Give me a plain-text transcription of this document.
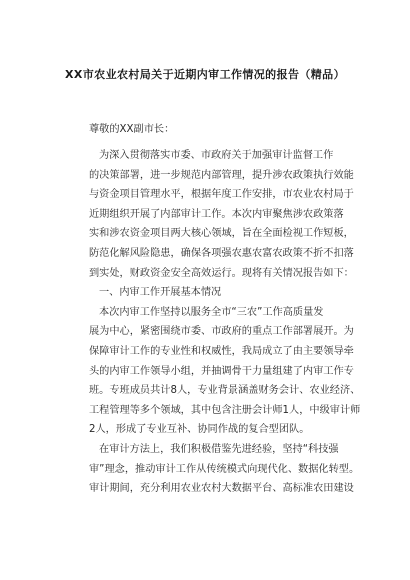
XX市农业农村局关于近期内审工作情况的报告（精品）
尊敬的XX副市长：
为深入贯彻落实市委、市政府关于加强审计监督工作
的决策部署，进一步规范内部管理，提升涉农政策执行效能
与资金项目管理水平，根据年度工作安排，市农业农村局于
近期组织开展了内部审计工作。本次内审聚焦涉农政策落
实和涉农资金项目两大核心领域，旨在全面检视工作短板，
防范化解风险隐患，确保各项强农惠农富农政策不折不扣落
到实处，财政资金安全高效运行。现将有关情况报告如下：
一、内审工作开展基本情况
本次内审工作坚持以服务全市“三农”工作高质量发
展为中心，紧密围绕市委、市政府的重点工作部署展开。为
保障审计工作的专业性和权威性，我局成立了由主要领导牵
头的内审工作领导小组，并抽调骨干力量组建了内审工作专
班。专班成员共计8人，专业背景涵盖财务会计、农业经济、
工程管理等多个领域，其中包含注册会计师1人，中级审计师
2人，形成了专业互补、协同作战的复合型团队。
在审计方法上，我们积极借鉴先进经验，坚持“科技强
审”理念，推动审计工作从传统模式向现代化、数据化转型。
审计期间，充分利用农业农村大数据平台、高标准农田建设
